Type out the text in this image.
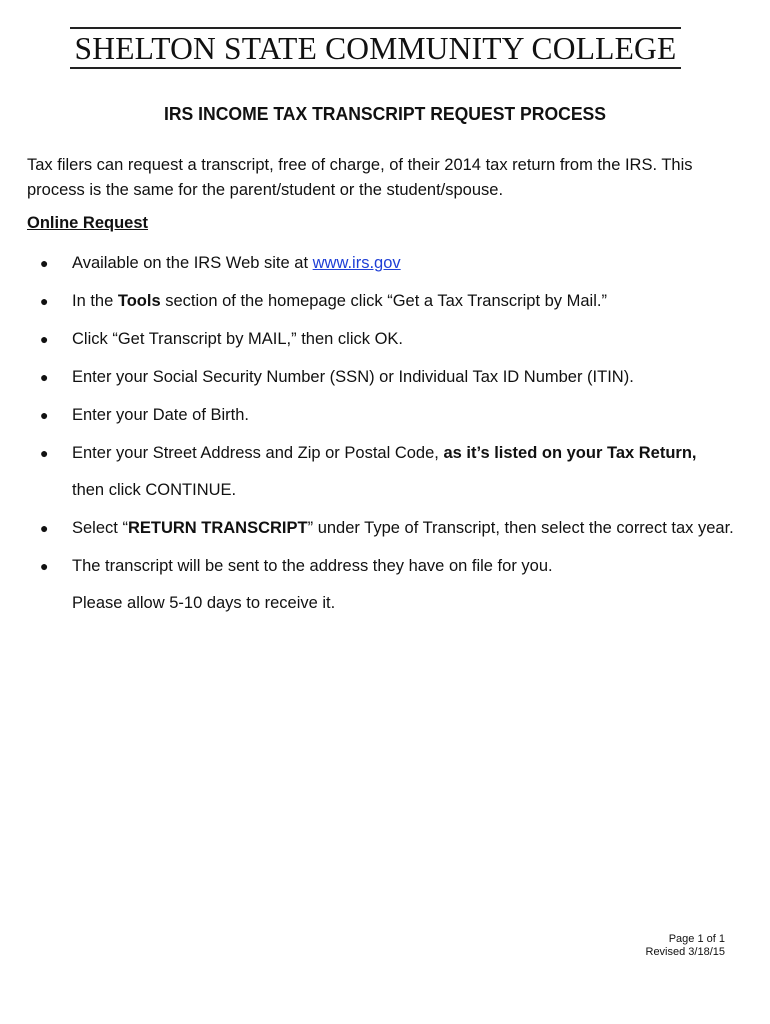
SHELTON STATE COMMUNITY COLLEGE
IRS INCOME TAX TRANSCRIPT REQUEST PROCESS
Tax filers can request a transcript, free of charge, of their 2014 tax return from the IRS. This process is the same for the parent/student or the student/spouse.
Online Request
●	Available on the IRS Web site at www.irs.gov
●	In the Tools section of the homepage click “Get a Tax Transcript by Mail.”
●	Click “Get Transcript by MAIL,” then click OK.
●	Enter your Social Security Number (SSN) or Individual Tax ID Number (ITIN).
●	Enter your Date of Birth.
●	Enter your Street Address and Zip or Postal Code, as it’s listed on your Tax Return,
then click CONTINUE.
●	Select “RETURN TRANSCRIPT” under Type of Transcript, then select the correct tax year.
●	The transcript will be sent to the address they have on file for you.
Please allow 5-10 days to receive it.
Page 1 of 1
Revised 3/18/15
